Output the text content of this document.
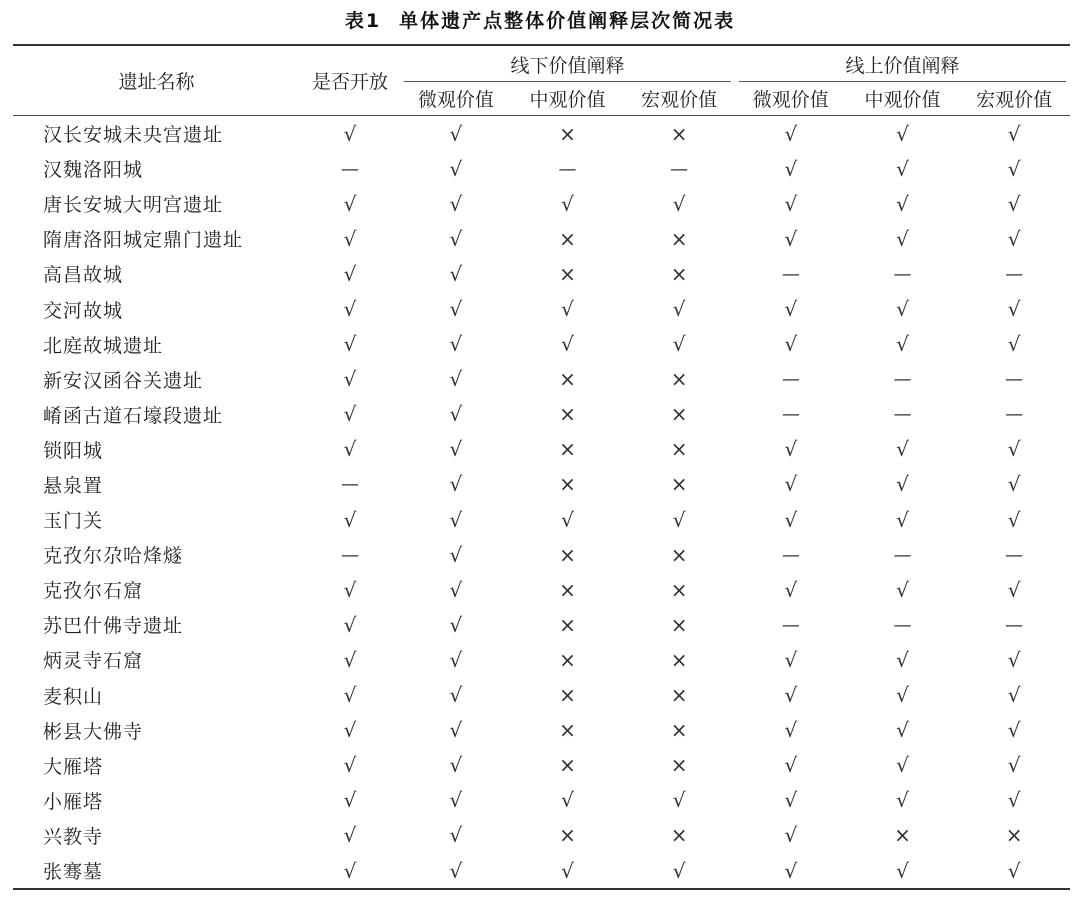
表1 单体遗产点整体价值阐释层次简况表
遗址名称	是否开放	线下价值阐释			线上价值阐释		

		微观价值	中观价值	宏观价值	微观价值	中观价值	宏观价值
汉长安城未央宫遗址	√	√	×	×	√	√	√
汉魏洛阳城	—	√	—	—	√	√	√
唐长安城大明宫遗址	√	√	√	√	√	√	√
隋唐洛阳城定鼎门遗址	√	√	×	×	√	√	√
高昌故城	√	√	×	×	—	—	—
交河故城	√	√	√	√	√	√	√
北庭故城遗址	√	√	√	√	√	√	√
新安汉函谷关遗址	√	√	×	×	—	—	—
崤函古道石壕段遗址	√	√	×	×	—	—	—
锁阳城	√	√	×	×	√	√	√
悬泉置	—	√	×	×	√	√	√
玉门关	√	√	√	√	√	√	√
克孜尔尕哈烽燧	—	√	×	×	—	—	—
克孜尔石窟	√	√	×	×	√	√	√
苏巴什佛寺遗址	√	√	×	×	—	—	—
炳灵寺石窟	√	√	×	×	√	√	√
麦积山	√	√	×	×	√	√	√
彬县大佛寺	√	√	×	×	√	√	√
大雁塔	√	√	×	×	√	√	√
小雁塔	√	√	√	√	√	√	√
兴教寺	√	√	×	×	√	×	×
张骞墓	√	√	√	√	√	√	√
